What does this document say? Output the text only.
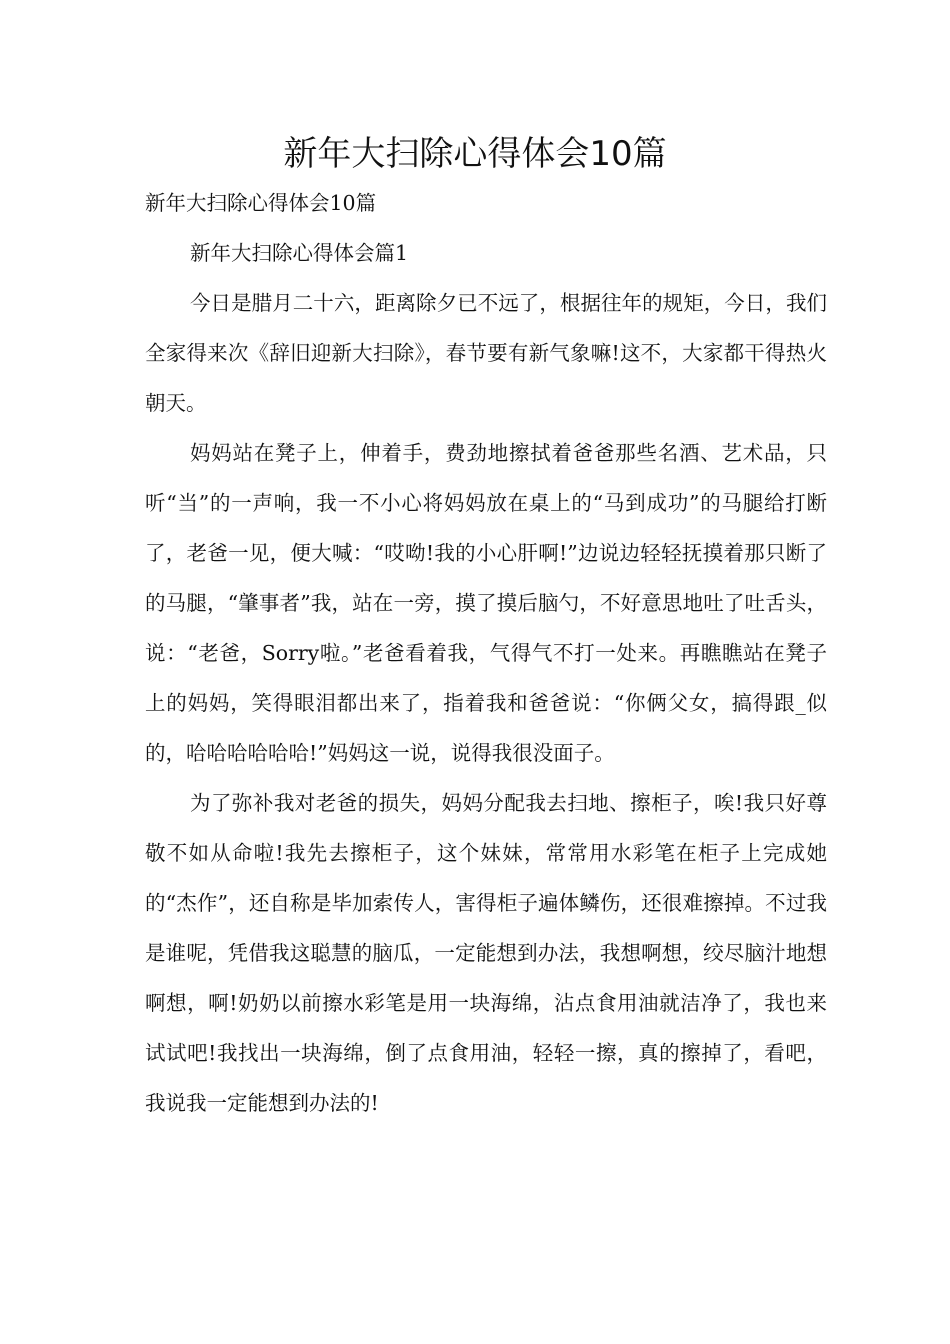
新年大扫除心得体会10篇

新年大扫除心得体会10篇

新年大扫除心得体会篇1

今日是腊月二十六，距离除夕已不远了，根据往年的规矩，今日，我们全家得来次《辞旧迎新大扫除》，春节要有新气象嘛!这不，大家都干得热火朝天。

妈妈站在凳子上，伸着手，费劲地擦拭着爸爸那些名酒、艺术品，只听“当”的一声响，我一不小心将妈妈放在桌上的“马到成功”的马腿给打断了，老爸一见，便大喊：“哎呦!我的小心肝啊!”边说边轻轻抚摸着那只断了的马腿，“肇事者”我，站在一旁，摸了摸后脑勺，不好意思地吐了吐舌头，说：“老爸，Sorry啦。”老爸看着我，气得气不打一处来。再瞧瞧站在凳子上的妈妈，笑得眼泪都出来了，指着我和爸爸说：“你俩父女，搞得跟_似的，哈哈哈哈哈哈!”妈妈这一说，说得我很没面子。

为了弥补我对老爸的损失，妈妈分配我去扫地、擦柜子，唉!我只好尊敬不如从命啦!我先去擦柜子，这个妹妹，常常用水彩笔在柜子上完成她的“杰作”，还自称是毕加索传人，害得柜子遍体鳞伤，还很难擦掉。不过我是谁呢，凭借我这聪慧的脑瓜，一定能想到办法，我想啊想，绞尽脑汁地想啊想，啊!奶奶以前擦水彩笔是用一块海绵，沾点食用油就洁净了，我也来试试吧!我找出一块海绵，倒了点食用油，轻轻一擦，真的擦掉了，看吧，我说我一定能想到办法的!
